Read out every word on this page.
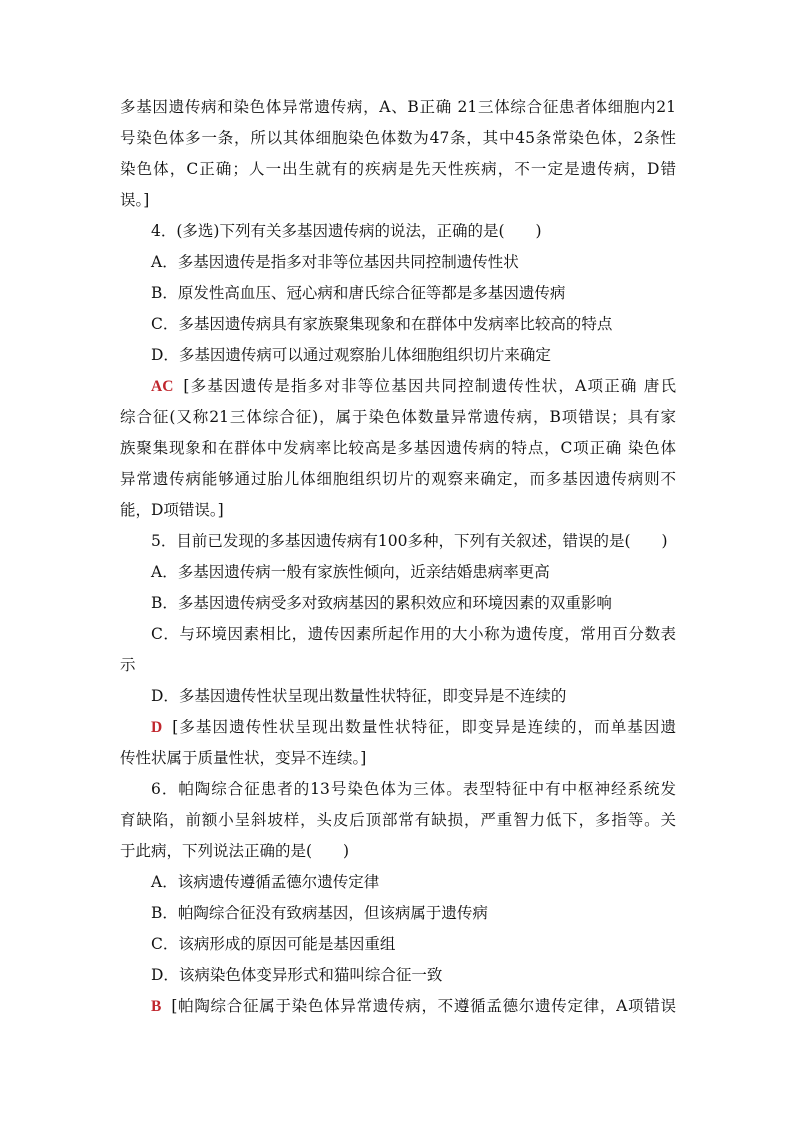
多基因遗传病和染色体异常遗传病，A、B正确 21三体综合征患者体细胞内21
号染色体多一条，所以其体细胞染色体数为47条，其中45条常染色体，2条性
染色体，C正确；人一出生就有的疾病是先天性疾病，不一定是遗传病，D错
误。]
4．(多选)下列有关多基因遗传病的说法，正确的是(　　)
A．多基因遗传是指多对非等位基因共同控制遗传性状
B．原发性高血压、冠心病和唐氏综合征等都是多基因遗传病
C．多基因遗传病具有家族聚集现象和在群体中发病率比较高的特点
D．多基因遗传病可以通过观察胎儿体细胞组织切片来确定
AC [多基因遗传是指多对非等位基因共同控制遗传性状，A项正确 唐氏
综合征(又称21三体综合征)，属于染色体数量异常遗传病，B项错误；具有家
族聚集现象和在群体中发病率比较高是多基因遗传病的特点，C项正确 染色体
异常遗传病能够通过胎儿体细胞组织切片的观察来确定，而多基因遗传病则不
能，D项错误。]
5．目前已发现的多基因遗传病有100多种，下列有关叙述，错误的是(　　)
A．多基因遗传病一般有家族性倾向，近亲结婚患病率更高
B．多基因遗传病受多对致病基因的累积效应和环境因素的双重影响
C．与环境因素相比，遗传因素所起作用的大小称为遗传度，常用百分数表
示
D．多基因遗传性状呈现出数量性状特征，即变异是不连续的
D [多基因遗传性状呈现出数量性状特征，即变异是连续的，而单基因遗
传性状属于质量性状，变异不连续。]
6．帕陶综合征患者的13号染色体为三体。表型特征中有中枢神经系统发
育缺陷，前额小呈斜坡样，头皮后顶部常有缺损，严重智力低下，多指等。关
于此病，下列说法正确的是(　　)
A．该病遗传遵循孟德尔遗传定律
B．帕陶综合征没有致病基因，但该病属于遗传病
C．该病形成的原因可能是基因重组
D．该病染色体变异形式和猫叫综合征一致
B [帕陶综合征属于染色体异常遗传病，不遵循孟德尔遗传定律，A项错误
